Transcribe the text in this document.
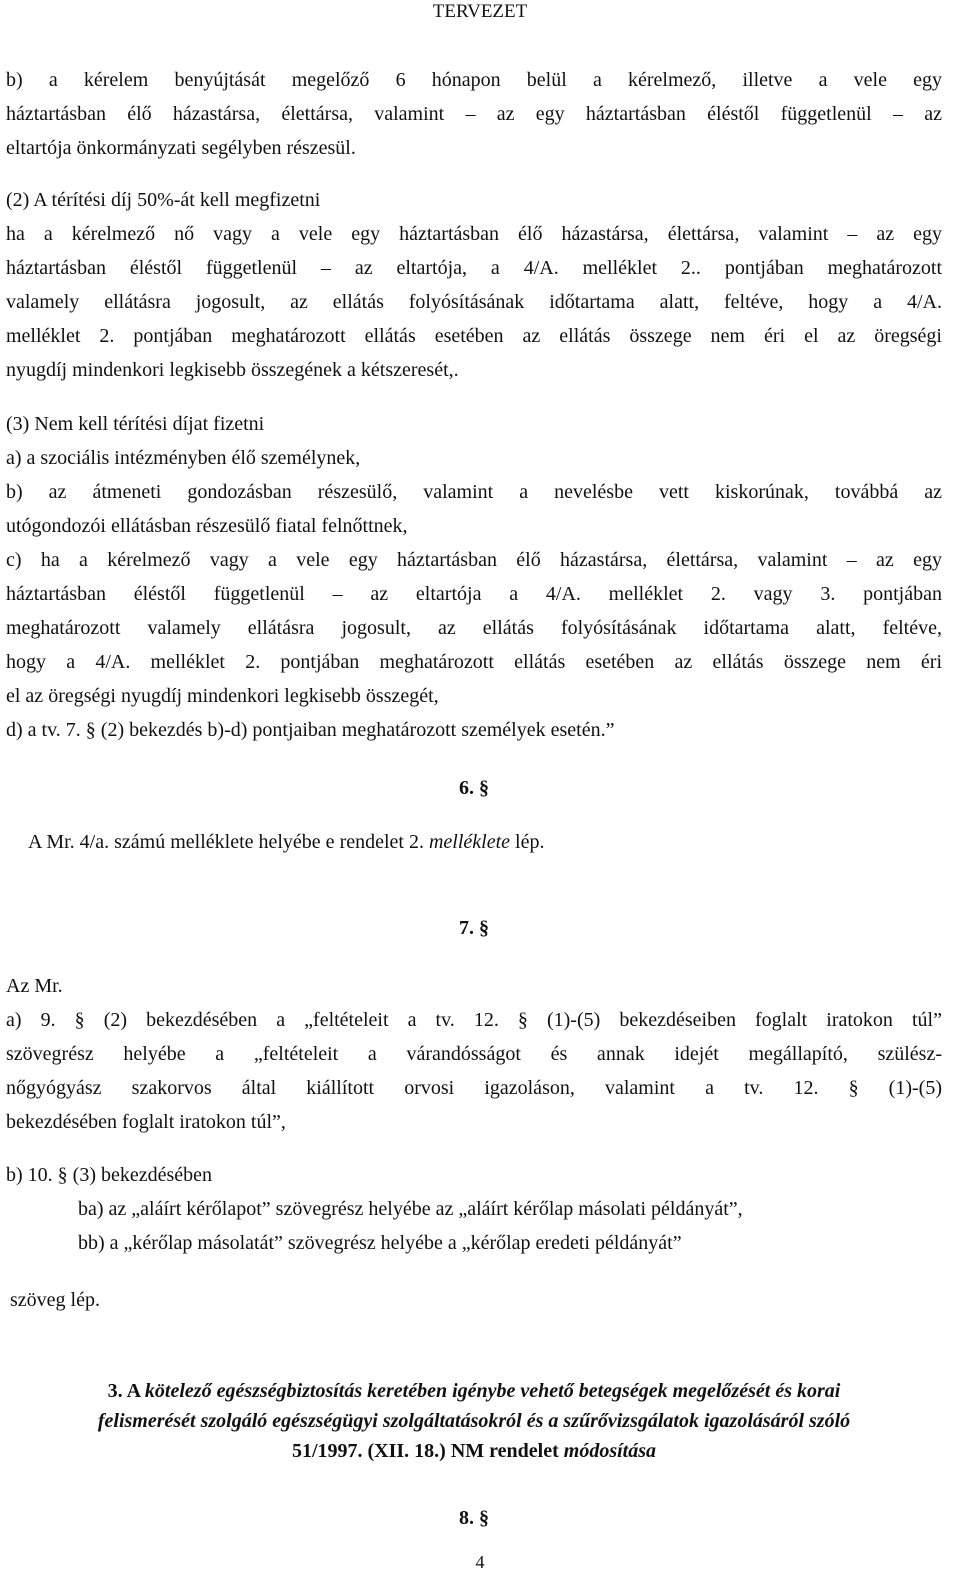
TERVEZET
b) a kérelem benyújtását megelőző 6 hónapon belül a kérelmező, illetve a vele egy
háztartásban élő házastársa, élettársa, valamint – az egy háztartásban éléstől függetlenül – az
eltartója önkormányzati segélyben részesül.
(2) A térítési díj 50%-át kell megfizetni
ha a kérelmező nő vagy a vele egy háztartásban élő házastársa, élettársa, valamint – az egy
háztartásban éléstől függetlenül – az eltartója, a 4/A. melléklet 2.. pontjában meghatározott
valamely ellátásra jogosult, az ellátás folyósításának időtartama alatt, feltéve, hogy a 4/A.
melléklet 2. pontjában meghatározott ellátás esetében az ellátás összege nem éri el az öregségi
nyugdíj mindenkori legkisebb összegének a kétszeresét,.
(3) Nem kell térítési díjat fizetni
a) a szociális intézményben élő személynek,
b) az átmeneti gondozásban részesülő, valamint a nevelésbe vett kiskorúnak, továbbá az
utógondozói ellátásban részesülő fiatal felnőttnek,
c) ha a kérelmező vagy a vele egy háztartásban élő házastársa, élettársa, valamint – az egy
háztartásban éléstől függetlenül – az eltartója a 4/A. melléklet 2. vagy 3. pontjában
meghatározott valamely ellátásra jogosult, az ellátás folyósításának időtartama alatt, feltéve,
hogy a 4/A. melléklet 2. pontjában meghatározott ellátás esetében az ellátás összege nem éri
el az öregségi nyugdíj mindenkori legkisebb összegét,
d) a tv. 7. § (2) bekezdés b)-d) pontjaiban meghatározott személyek esetén.”
6. §
A Mr. 4/a. számú melléklete helyébe e rendelet 2. melléklete lép.
7. §
Az Mr.
a) 9. § (2) bekezdésében a „feltételeit a tv. 12. § (1)-(5) bekezdéseiben foglalt iratokon túl”
szövegrész helyébe a „feltételeit a várandósságot és annak idejét megállapító, szülész-
nőgyógyász szakorvos által kiállított orvosi igazoláson, valamint a tv. 12. § (1)-(5)
bekezdésében foglalt iratokon túl”,
b) 10. § (3) bekezdésében
ba) az „aláírt kérőlapot” szövegrész helyébe az „aláírt kérőlap másolati példányát”,
bb) a „kérőlap másolatát” szövegrész helyébe a „kérőlap eredeti példányát”
szöveg lép.
3. A kötelező egészségbiztosítás keretében igénybe vehető betegségek megelőzését és korai
felismerését szolgáló egészségügyi szolgáltatásokról és a szűrővizsgálatok igazolásáról szóló
51/1997. (XII. 18.) NM rendelet módosítása
8. §
4
